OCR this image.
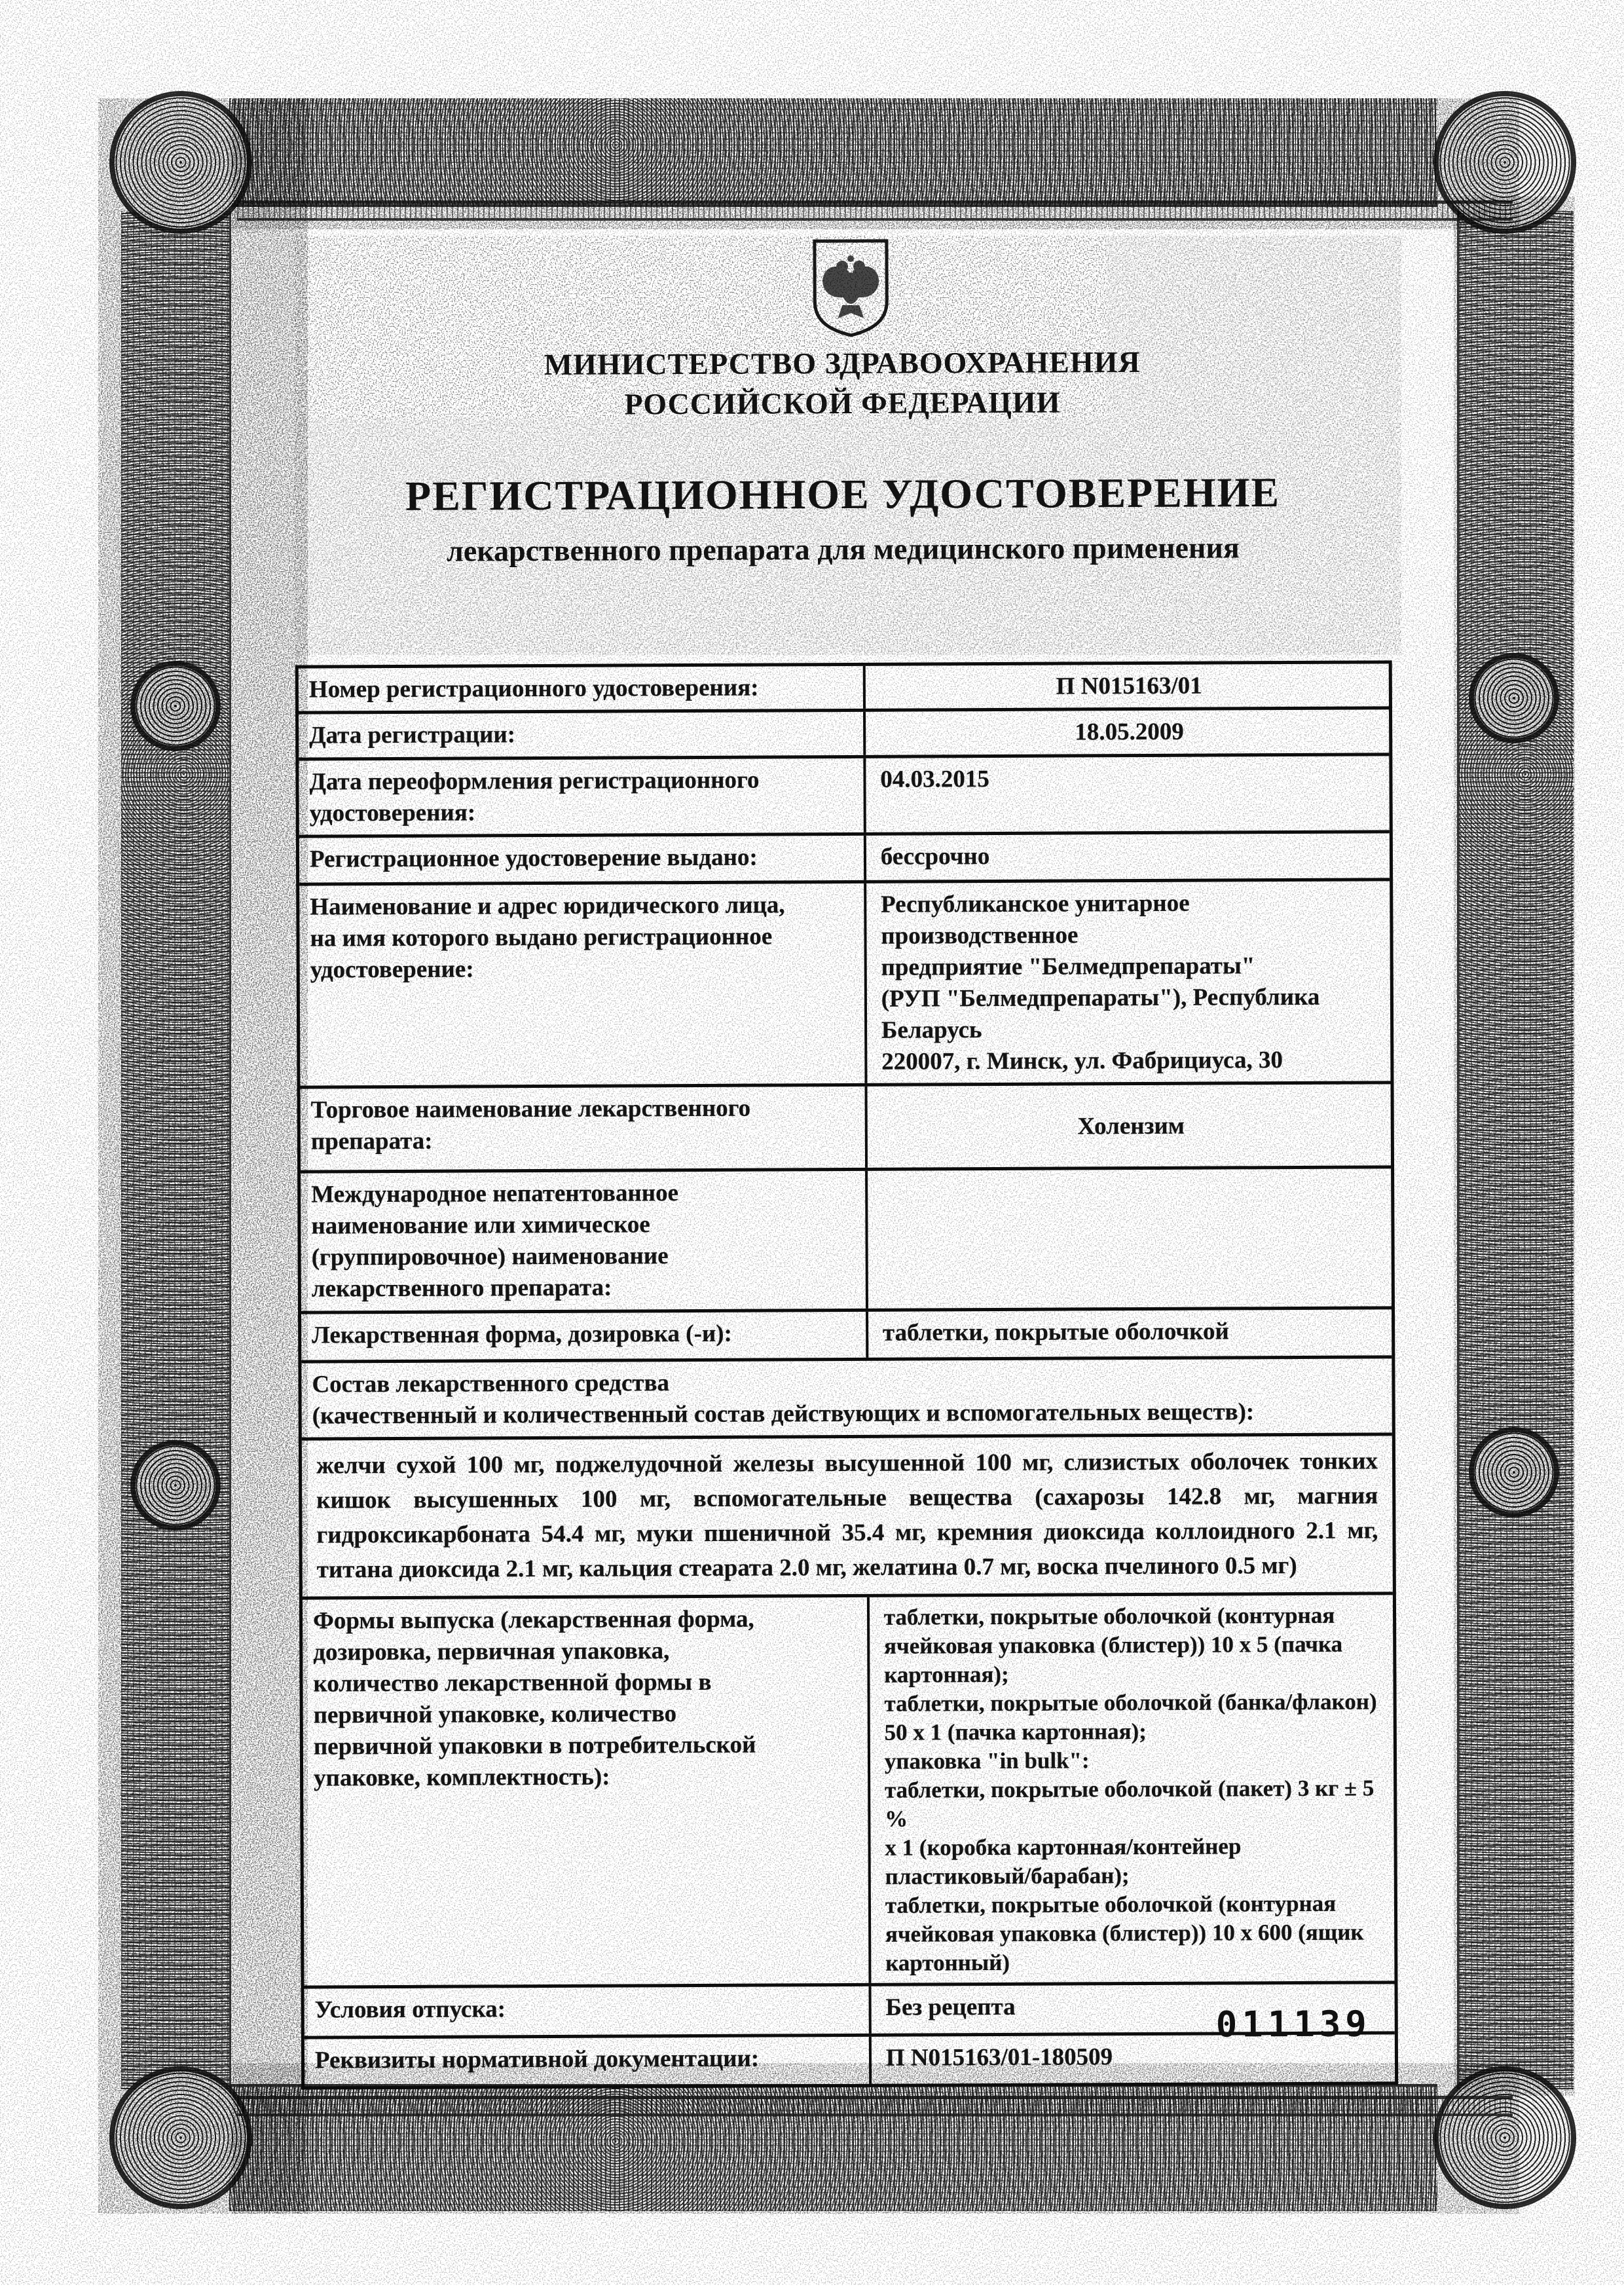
МИНИСТЕРСТВО ЗДРАВООХРАНЕНИЯ
РОССИЙСКОЙ ФЕДЕРАЦИИ
РЕГИСТРАЦИОННОЕ УДОСТОВЕРЕНИЕ
лекарственного препарата для медицинского применения
Номер регистрационного удостоверения:	П N015163/01
Дата регистрации:	18.05.2009
Дата переоформления регистрационного
удостоверения:
04.03.2015
Регистрационное удостоверение выдано:	бессрочно
Наименование и адрес юридического лица,
на имя которого выдано регистрационное
удостоверение:
Республиканское унитарное производственное
предприятие "Белмедпрепараты"
(РУП "Белмедпрепараты"), Республика Беларусь
220007, г. Минск, ул. Фабрициуса, 30
Торговое наименование лекарственного
препарата:
Холензим
Международное непатентованное
наименование или химическое
(группировочное) наименование
лекарственного препарата:
Лекарственная форма, дозировка (-и):	таблетки, покрытые оболочкой
Состав лекарственного средства
(качественный и количественный состав действующих и вспомогательных веществ):
желчи сухой 100 мг, поджелудочной железы высушенной 100 мг, слизистых оболочек тонких кишок высушенных 100 мг, вспомогательные вещества (сахарозы 142.8 мг, магния гидроксикарбоната 54.4 мг, муки пшеничной 35.4 мг, кремния диоксида коллоидного 2.1 мг, титана диоксида 2.1 мг, кальция стеарата 2.0 мг, желатина 0.7 мг, воска пчелиного 0.5 мг)
Формы выпуска (лекарственная форма,
дозировка, первичная упаковка,
количество лекарственной формы в
первичной упаковке, количество
первичной упаковки в потребительской
упаковке, комплектность):
таблетки, покрытые оболочкой (контурная
ячейковая упаковка (блистер)) 10 х 5 (пачка
картонная);
таблетки, покрытые оболочкой (банка/флакон)
50 х 1 (пачка картонная);
упаковка "in bulk":
таблетки, покрытые оболочкой (пакет) 3 кг ± 5 %
х 1 (коробка картонная/контейнер
пластиковый/барабан);
таблетки, покрытые оболочкой (контурная
ячейковая упаковка (блистер)) 10 х 600 (ящик
картонный)
Условия отпуска:	Без рецепта
Реквизиты нормативной документации:	П N015163/01-180509
011139
